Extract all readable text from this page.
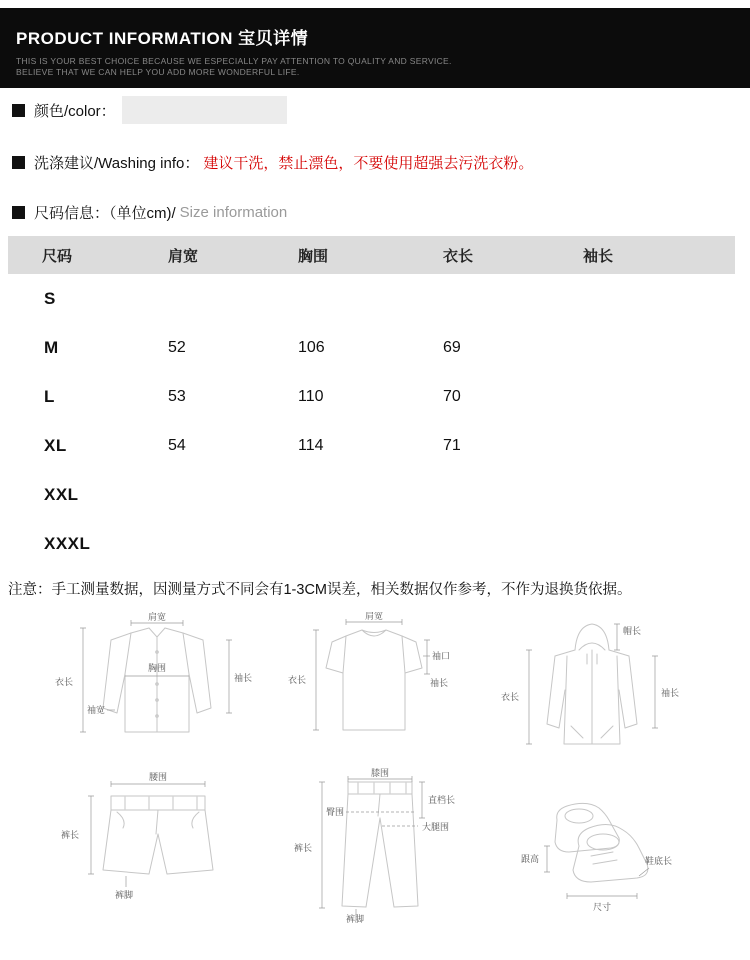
PRODUCT INFORMATION 宝贝详情
THIS IS YOUR BEST CHOICE BECAUSE WE ESPECIALLY PAY ATTENTION TO QUALITY AND SERVICE.
BELIEVE THAT WE CAN HELP YOU ADD MORE WONDERFUL LIFE.
颜色/color：
洗涤建议/Washing info： 建议干洗，禁止漂色，不要使用超强去污洗衣粉。
尺码信息：（单位cm)/ Size information
尺码	肩宽	胸围	衣长	袖长
S				
M	52	106	69	
L	53	110	70	
XL	54	114	71	
XXL				
XXXL				
注意：手工测量数据，因测量方式不同会有1-3CM误差，相关数据仅作参考，不作为退换货依据。
肩宽
胸围
衣长
袖宽
袖长
肩宽
袖口
袖长
衣长
帽长
衣长	袖长
腰围
裤长
裤脚
膝围
裤长
直档长
臀围
大腿围
裤脚
跟高	鞋底长
尺寸
